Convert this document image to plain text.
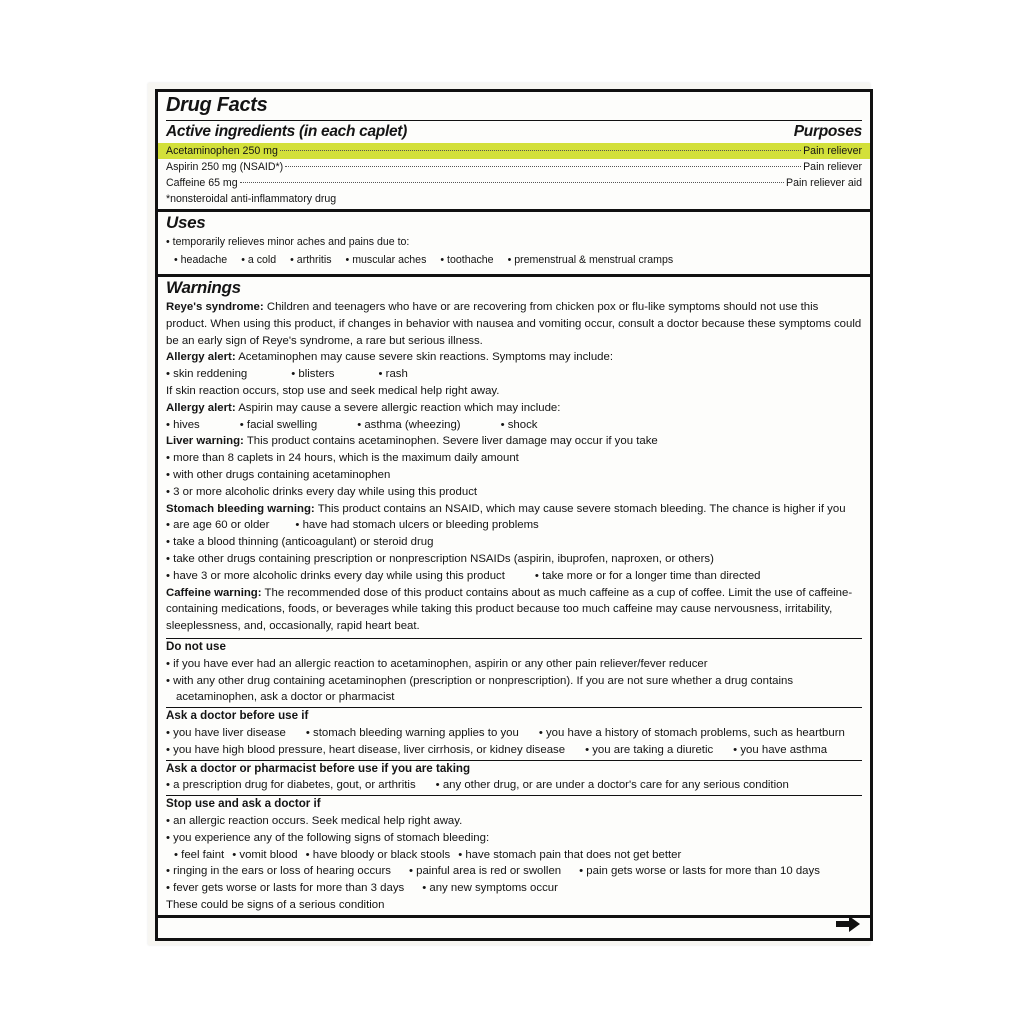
Drug Facts
Active ingredients (in each caplet)	Purposes
Acetaminophen 250 mg	Pain reliever
Aspirin 250 mg (NSAID*)	Pain reliever
Caffeine 65 mg	Pain reliever aid
*nonsteroidal anti-inflammatory drug
Uses
• temporarily relieves minor aches and pains due to:
• headache	• a cold	• arthritis	• muscular aches	• toothache	• premenstrual & menstrual cramps
Warnings
Reye's syndrome: Children and teenagers who have or are recovering from chicken pox or flu-like symptoms should not use this product. When using this product, if changes in behavior with nausea and vomiting occur, consult a doctor because these symptoms could be an early sign of Reye's syndrome, a rare but serious illness.
Allergy alert: Acetaminophen may cause severe skin reactions. Symptoms may include:
• skin reddening	• blisters	• rash
If skin reaction occurs, stop use and seek medical help right away.
Allergy alert: Aspirin may cause a severe allergic reaction which may include:
• hives	• facial swelling	• asthma (wheezing)	• shock
Liver warning: This product contains acetaminophen. Severe liver damage may occur if you take
• more than 8 caplets in 24 hours, which is the maximum daily amount
• with other drugs containing acetaminophen
• 3 or more alcoholic drinks every day while using this product
Stomach bleeding warning: This product contains an NSAID, which may cause severe stomach bleeding. The chance is higher if you
• are age 60 or older	• have had stomach ulcers or bleeding problems
• take a blood thinning (anticoagulant) or steroid drug
• take other drugs containing prescription or nonprescription NSAIDs (aspirin, ibuprofen, naproxen, or others)
• have 3 or more alcoholic drinks every day while using this product	• take more or for a longer time than directed
Caffeine warning: The recommended dose of this product contains about as much caffeine as a cup of coffee. Limit the use of caffeine-containing medications, foods, or beverages while taking this product because too much caffeine may cause nervousness, irritability, sleeplessness, and, occasionally, rapid heart beat.
Do not use
• if you have ever had an allergic reaction to acetaminophen, aspirin or any other pain reliever/fever reducer
• with any other drug containing acetaminophen (prescription or nonprescription). If you are not sure whether a drug contains acetaminophen, ask a doctor or pharmacist
Ask a doctor before use if
• you have liver disease	• stomach bleeding warning applies to you	• you have a history of stomach problems, such as heartburn
• you have high blood pressure, heart disease, liver cirrhosis, or kidney disease	• you are taking a diuretic	• you have asthma
Ask a doctor or pharmacist before use if you are taking
• a prescription drug for diabetes, gout, or arthritis	• any other drug, or are under a doctor's care for any serious condition
Stop use and ask a doctor if
• an allergic reaction occurs. Seek medical help right away.
• you experience any of the following signs of stomach bleeding:
• feel faint	• vomit blood	• have bloody or black stools	• have stomach pain that does not get better
• ringing in the ears or loss of hearing occurs	• painful area is red or swollen	• pain gets worse or lasts for more than 10 days
• fever gets worse or lasts for more than 3 days	• any new symptoms occur
These could be signs of a serious condition
